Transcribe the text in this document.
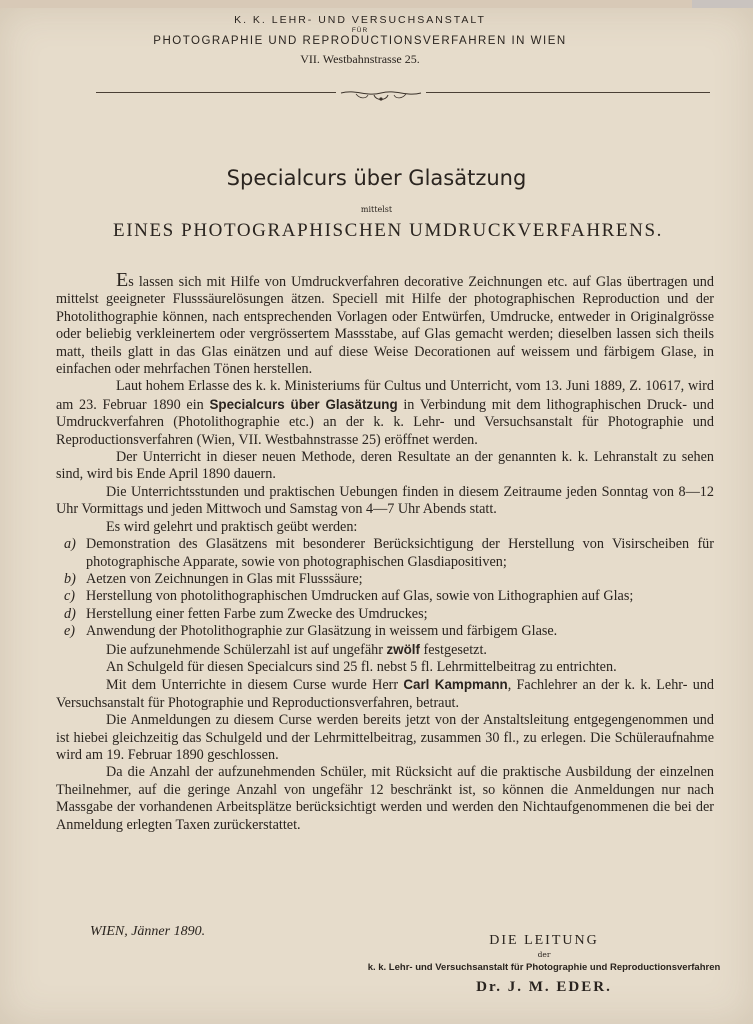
K. K. LEHR- UND VERSUCHSANSTALT
FÜR
PHOTOGRAPHIE UND REPRODUCTIONSVERFAHREN IN WIEN
VII. Westbahnstrasse 25.
Specialcurs über Glasätzung
mittelst
EINES PHOTOGRAPHISCHEN UMDRUCKVERFAHRENS.

Es lassen sich mit Hilfe von Umdruckverfahren decorative Zeichnungen etc. auf Glas übertragen und mittelst geeigneter Flusssäurelösungen ätzen. Speciell mit Hilfe der photographischen Reproduction und der Photolithographie können, nach entsprechenden Vorlagen oder Entwürfen, Umdrucke, entweder in Originalgrösse oder beliebig verkleinertem oder vergrössertem Massstabe, auf Glas gemacht werden; dieselben lassen sich theils matt, theils glatt in das Glas einätzen und auf diese Weise Decorationen auf weissem und färbigem Glase, in einfachen oder mehrfachen Tönen herstellen.

Laut hohem Erlasse des k. k. Ministeriums für Cultus und Unterricht, vom 13. Juni 1889, Z. 10617, wird am 23. Februar 1890 ein Specialcurs über Glasätzung in Verbindung mit dem lithographischen Druck- und Umdruckverfahren (Photolithographie etc.) an der k. k. Lehr- und Versuchsanstalt für Photographie und Reproductionsverfahren (Wien, VII. Westbahnstrasse 25) eröffnet werden.

Der Unterricht in dieser neuen Methode, deren Resultate an der genannten k. k. Lehranstalt zu sehen sind, wird bis Ende April 1890 dauern.

Die Unterrichtsstunden und praktischen Uebungen finden in diesem Zeitraume jeden Sonntag von 8—12 Uhr Vormittags und jeden Mittwoch und Samstag von 4—7 Uhr Abends statt.

Es wird gelehrt und praktisch geübt werden:

a) Demonstration des Glasätzens mit besonderer Berücksichtigung der Herstellung von Visirscheiben für photographische Apparate, sowie von photographischen Glasdiapositiven;
b) Aetzen von Zeichnungen in Glas mit Flusssäure;
c) Herstellung von photolithographischen Umdrucken auf Glas, sowie von Lithographien auf Glas;
d) Herstellung einer fetten Farbe zum Zwecke des Umdruckes;
e) Anwendung der Photolithographie zur Glasätzung in weissem und färbigem Glase.

Die aufzunehmende Schülerzahl ist auf ungefähr zwölf festgesetzt.

An Schulgeld für diesen Specialcurs sind 25 fl. nebst 5 fl. Lehrmittelbeitrag zu entrichten.

Mit dem Unterrichte in diesem Curse wurde Herr Carl Kampmann, Fachlehrer an der k. k. Lehr- und Versuchsanstalt für Photographie und Reproductionsverfahren, betraut.

Die Anmeldungen zu diesem Curse werden bereits jetzt von der Anstaltsleitung entgegengenommen und ist hiebei gleichzeitig das Schulgeld und der Lehrmittelbeitrag, zusammen 30 fl., zu erlegen. Die Schüleraufnahme wird am 19. Februar 1890 geschlossen.

Da die Anzahl der aufzunehmenden Schüler, mit Rücksicht auf die praktische Ausbildung der einzelnen Theilnehmer, auf die geringe Anzahl von ungefähr 12 beschränkt ist, so können die Anmeldungen nur nach Massgabe der vorhandenen Arbeitsplätze berücksichtigt werden und werden den Nichtaufgenommenen die bei der Anmeldung erlegten Taxen zurückerstattet.

WIEN, Jänner 1890.
DIE LEITUNG
der
k. k. Lehr- und Versuchsanstalt für Photographie und Reproductionsverfahren
Dr. J. M. EDER.
